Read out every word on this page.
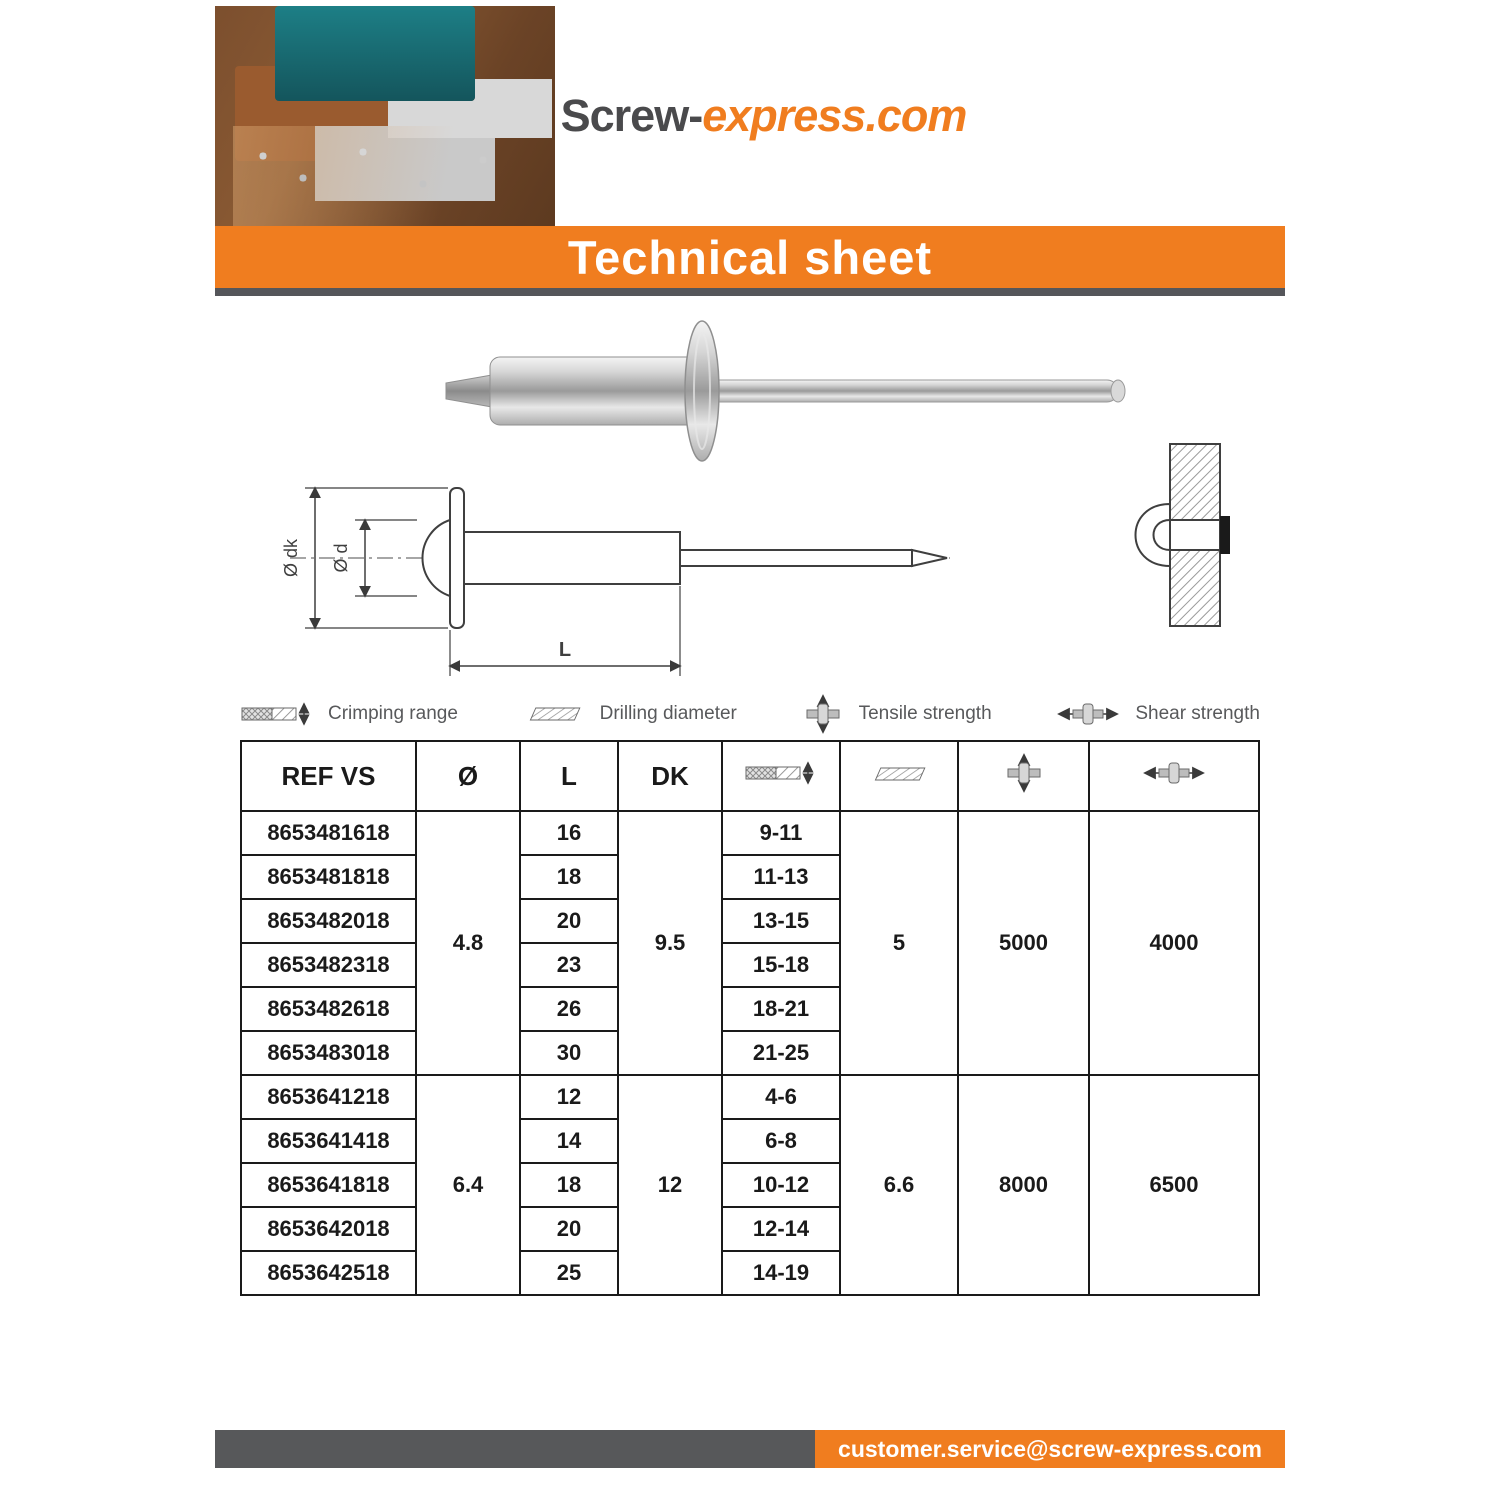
Screw-express.com
Technical sheet
Ø d
Ø dk
L
Crimping range	Drilling diameter	Tensile strength	Shear strength
REF VS	Ø	L	DK				
8653481618	4.8	16	9.5	9-11	5	5000	4000
8653481818		18		11-13			
8653482018		20		13-15			
8653482318		23		15-18			
8653482618		26		18-21			
8653483018		30		21-25			
8653641218	6.4	12	12	4-6	6.6	8000	6500
8653641418		14		6-8			
8653641818		18		10-12			
8653642018		20		12-14			
8653642518		25		14-19			
customer.service@screw-express.com
